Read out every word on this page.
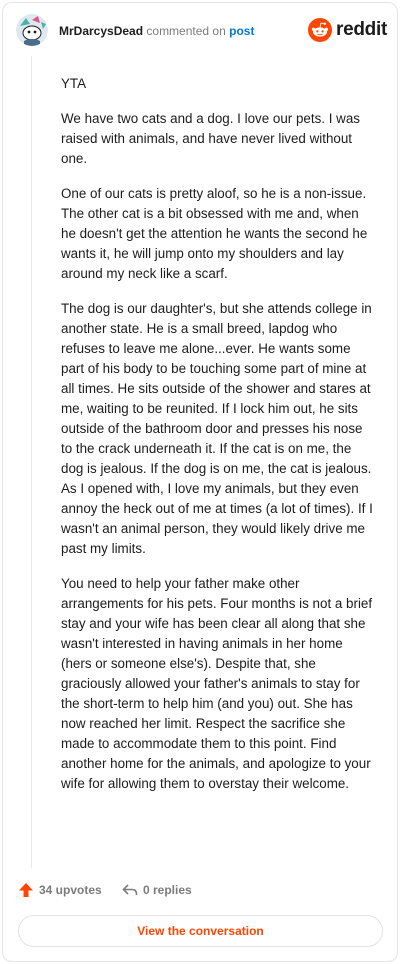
MrDarcysDead commented on post	reddit

YTA

We have two cats and a dog. I love our pets. I was raised with animals, and have never lived without one.

One of our cats is pretty aloof, so he is a non-issue. The other cat is a bit obsessed with me and, when he doesn't get the attention he wants the second he wants it, he will jump onto my shoulders and lay around my neck like a scarf.

The dog is our daughter's, but she attends college in another state. He is a small breed, lapdog who refuses to leave me alone...ever. He wants some part of his body to be touching some part of mine at all times. He sits outside of the shower and stares at me, waiting to be reunited. If I lock him out, he sits outside of the bathroom door and presses his nose to the crack underneath it. If the cat is on me, the dog is jealous. If the dog is on me, the cat is jealous. As I opened with, I love my animals, but they even annoy the heck out of me at times (a lot of times). If I wasn't an animal person, they would likely drive me past my limits.

You need to help your father make other arrangements for his pets. Four months is not a brief stay and your wife has been clear all along that she wasn't interested in having animals in her home (hers or someone else's). Despite that, she graciously allowed your father's animals to stay for the short-term to help him (and you) out. She has now reached her limit. Respect the sacrifice she made to accommodate them to this point. Find another home for the animals, and apologize to your wife for allowing them to overstay their welcome.

34 upvotes	0 replies
View the conversation
